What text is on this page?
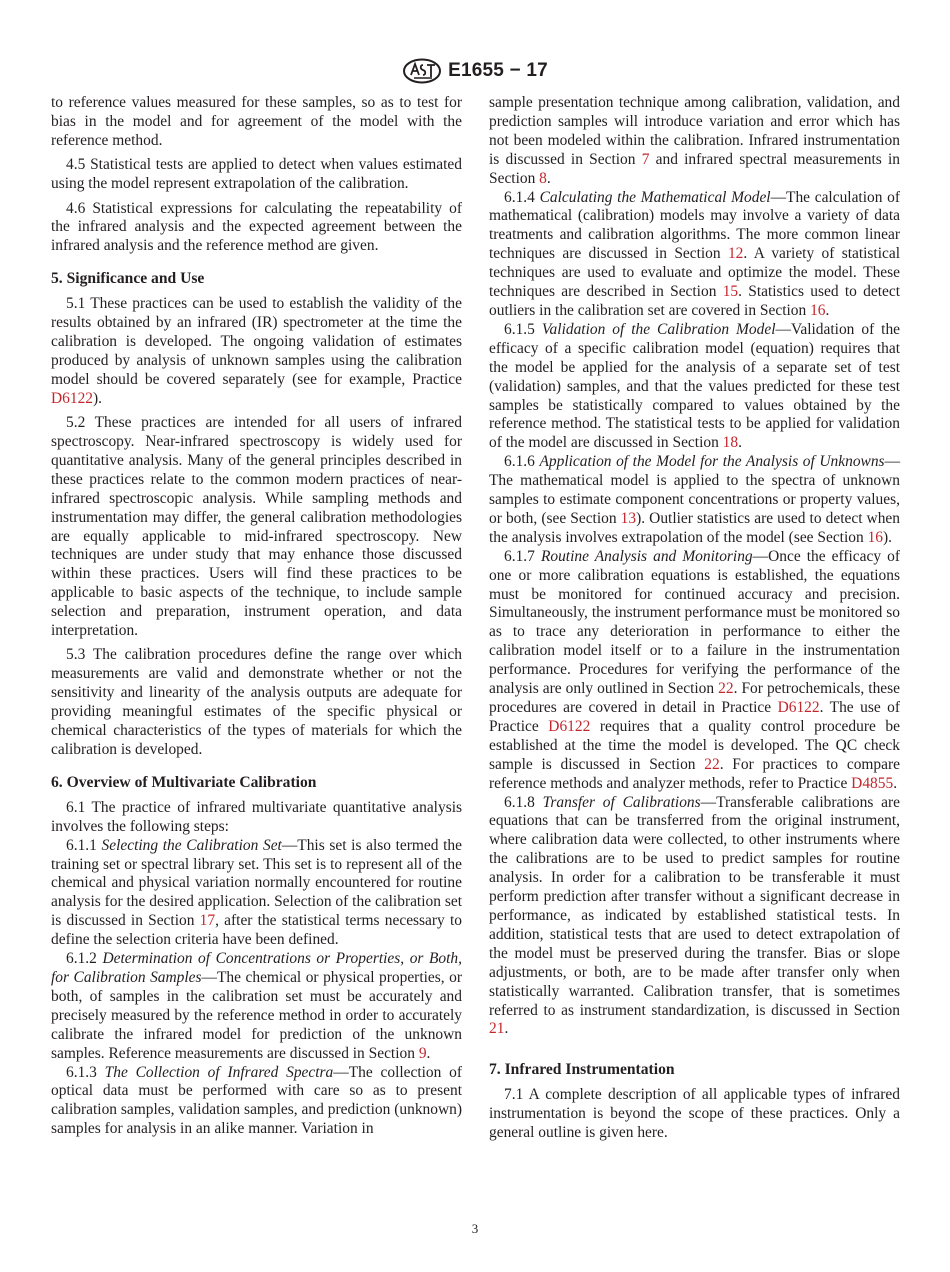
E1655 − 17

to reference values measured for these samples, so as to test for bias in the model and for agreement of the model with the reference method.

4.5 Statistical tests are applied to detect when values estimated using the model represent extrapolation of the calibration.

4.6 Statistical expressions for calculating the repeatability of the infrared analysis and the expected agreement between the infrared analysis and the reference method are given.

5. Significance and Use

5.1 These practices can be used to establish the validity of the results obtained by an infrared (IR) spectrometer at the time the calibration is developed. The ongoing validation of estimates produced by analysis of unknown samples using the calibration model should be covered separately (see for example, Practice D6122).

5.2 These practices are intended for all users of infrared spectroscopy. Near-infrared spectroscopy is widely used for quantitative analysis. Many of the general principles described in these practices relate to the common modern practices of near-infrared spectroscopic analysis. While sampling methods and instrumentation may differ, the general calibration methodologies are equally applicable to mid-infrared spectroscopy. New techniques are under study that may enhance those discussed within these practices. Users will find these practices to be applicable to basic aspects of the technique, to include sample selection and preparation, instrument operation, and data interpretation.

5.3 The calibration procedures define the range over which measurements are valid and demonstrate whether or not the sensitivity and linearity of the analysis outputs are adequate for providing meaningful estimates of the specific physical or chemical characteristics of the types of materials for which the calibration is developed.

6. Overview of Multivariate Calibration

6.1 The practice of infrared multivariate quantitative analysis involves the following steps:

6.1.1 Selecting the Calibration Set—This set is also termed the training set or spectral library set. This set is to represent all of the chemical and physical variation normally encountered for routine analysis for the desired application. Selection of the calibration set is discussed in Section 17, after the statistical terms necessary to define the selection criteria have been defined.

6.1.2 Determination of Concentrations or Properties, or Both, for Calibration Samples—The chemical or physical properties, or both, of samples in the calibration set must be accurately and precisely measured by the reference method in order to accurately calibrate the infrared model for prediction of the unknown samples. Reference measurements are discussed in Section 9.

6.1.3 The Collection of Infrared Spectra—The collection of optical data must be performed with care so as to present calibration samples, validation samples, and prediction (unknown) samples for analysis in an alike manner. Variation in

sample presentation technique among calibration, validation, and prediction samples will introduce variation and error which has not been modeled within the calibration. Infrared instrumentation is discussed in Section 7 and infrared spectral measurements in Section 8.

6.1.4 Calculating the Mathematical Model—The calculation of mathematical (calibration) models may involve a variety of data treatments and calibration algorithms. The more common linear techniques are discussed in Section 12. A variety of statistical techniques are used to evaluate and optimize the model. These techniques are described in Section 15. Statistics used to detect outliers in the calibration set are covered in Section 16.

6.1.5 Validation of the Calibration Model—Validation of the efficacy of a specific calibration model (equation) requires that the model be applied for the analysis of a separate set of test (validation) samples, and that the values predicted for these test samples be statistically compared to values obtained by the reference method. The statistical tests to be applied for validation of the model are discussed in Section 18.

6.1.6 Application of the Model for the Analysis of Unknowns—The mathematical model is applied to the spectra of unknown samples to estimate component concentrations or property values, or both, (see Section 13). Outlier statistics are used to detect when the analysis involves extrapolation of the model (see Section 16).

6.1.7 Routine Analysis and Monitoring—Once the efficacy of one or more calibration equations is established, the equations must be monitored for continued accuracy and precision. Simultaneously, the instrument performance must be monitored so as to trace any deterioration in performance to either the calibration model itself or to a failure in the instrumentation performance. Procedures for verifying the performance of the analysis are only outlined in Section 22. For petrochemicals, these procedures are covered in detail in Practice D6122. The use of Practice D6122 requires that a quality control procedure be established at the time the model is developed. The QC check sample is discussed in Section 22. For practices to compare reference methods and analyzer methods, refer to Practice D4855.

6.1.8 Transfer of Calibrations—Transferable calibrations are equations that can be transferred from the original instrument, where calibration data were collected, to other instruments where the calibrations are to be used to predict samples for routine analysis. In order for a calibration to be transferable it must perform prediction after transfer without a significant decrease in performance, as indicated by established statistical tests. In addition, statistical tests that are used to detect extrapolation of the model must be preserved during the transfer. Bias or slope adjustments, or both, are to be made after transfer only when statistically warranted. Calibration transfer, that is sometimes referred to as instrument standardization, is discussed in Section 21.

7. Infrared Instrumentation

7.1 A complete description of all applicable types of infrared instrumentation is beyond the scope of these practices. Only a general outline is given here.

3
